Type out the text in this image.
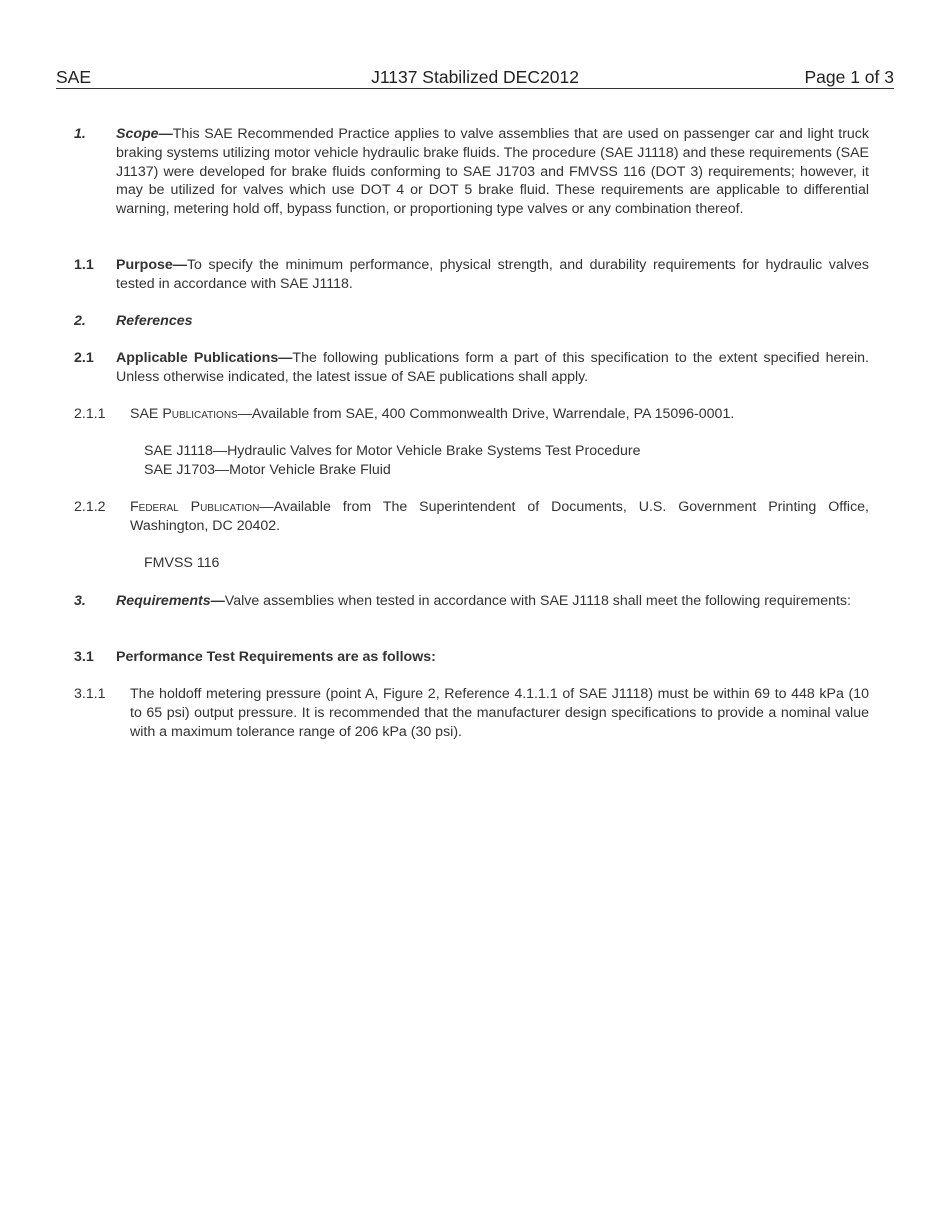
SAE	J1137 Stabilized DEC2012	Page 1 of 3
1. Scope—This SAE Recommended Practice applies to valve assemblies that are used on passenger car and light truck braking systems utilizing motor vehicle hydraulic brake fluids. The procedure (SAE J1118) and these requirements (SAE J1137) were developed for brake fluids conforming to SAE J1703 and FMVSS 116 (DOT 3) requirements; however, it may be utilized for valves which use DOT 4 or DOT 5 brake fluid. These requirements are applicable to differential warning, metering hold off, bypass function, or proportioning type valves or any combination thereof.
1.1 Purpose—To specify the minimum performance, physical strength, and durability requirements for hydraulic valves tested in accordance with SAE J1118.
2. References
2.1 Applicable Publications—The following publications form a part of this specification to the extent specified herein. Unless otherwise indicated, the latest issue of SAE publications shall apply.
2.1.1 SAE Publications—Available from SAE, 400 Commonwealth Drive, Warrendale, PA 15096-0001.
SAE J1118—Hydraulic Valves for Motor Vehicle Brake Systems Test Procedure
SAE J1703—Motor Vehicle Brake Fluid
2.1.2 Federal Publication—Available from The Superintendent of Documents, U.S. Government Printing Office, Washington, DC 20402.
FMVSS 116
3. Requirements—Valve assemblies when tested in accordance with SAE J1118 shall meet the following requirements:
3.1 Performance Test Requirements are as follows:
3.1.1 The holdoff metering pressure (point A, Figure 2, Reference 4.1.1.1 of SAE J1118) must be within 69 to 448 kPa (10 to 65 psi) output pressure. It is recommended that the manufacturer design specifications to provide a nominal value with a maximum tolerance range of 206 kPa (30 psi).
